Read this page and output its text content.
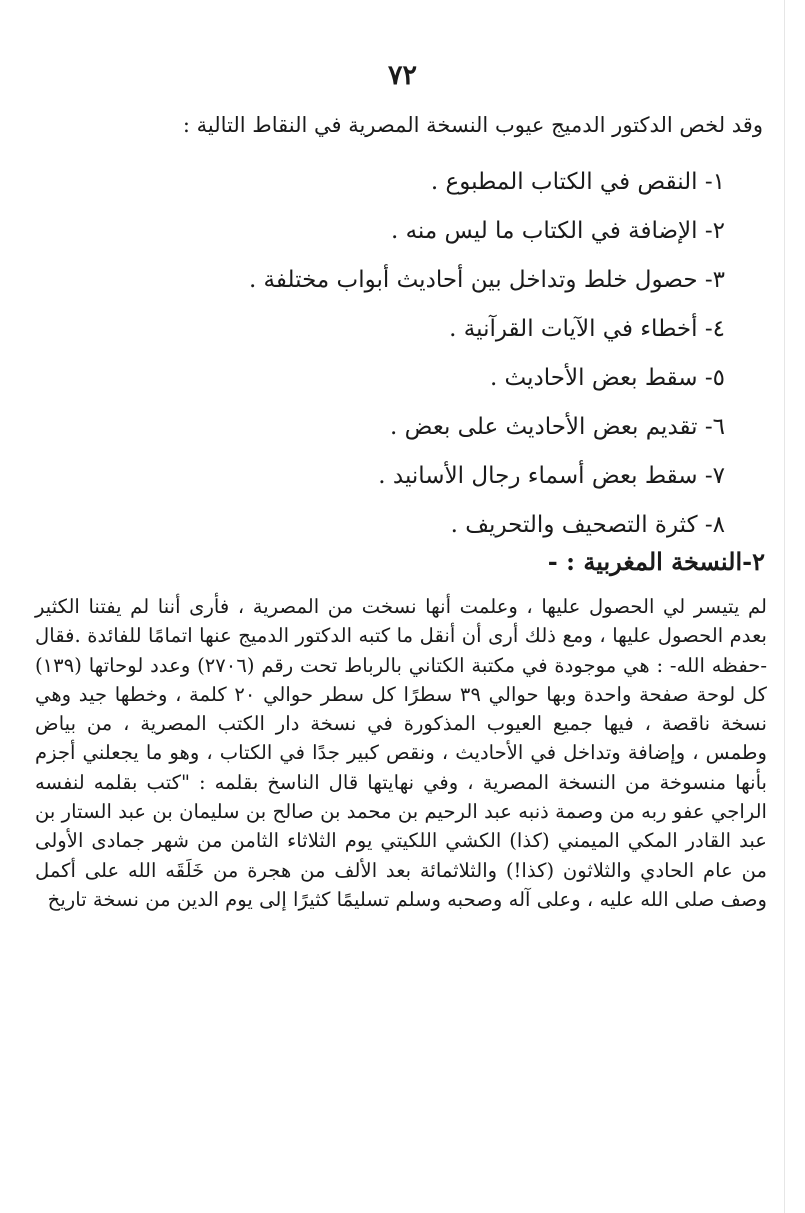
٧٢
وقد لخص الدكتور الدميج عيوب النسخة المصرية في النقاط التالية :
١- النقص في الكتاب المطبوع .
٢- الإضافة في الكتاب ما ليس منه .
٣- حصول خلط وتداخل بين أحاديث أبواب مختلفة .
٤- أخطاء في الآيات القرآنية .
٥- سقط بعض الأحاديث .
٦- تقديم بعض الأحاديث على بعض .
٧- سقط بعض أسماء رجال الأسانيد .
٨- كثرة التصحيف والتحريف .
٢-النسخة المغربية : -

لم يتيسر لي الحصول عليها ، وعلمت أنها نسخت من المصرية ، فأرى أننا لم يفتنا الكثير بعدم الحصول عليها ، ومع ذلك أرى أن أنقل ما كتبه الدكتور الدميج عنها اتمامًا للفائدة .فقال -حفظه الله- : هي موجودة في مكتبة الكتاني بالرباط تحت رقم (٢٧٠٦) وعدد لوحاتها (١٣٩) كل لوحة صفحة واحدة وبها حوالي ٣٩ سطرًا كل سطر حوالي ٢٠ كلمة ، وخطها جيد وهي نسخة ناقصة ، فيها جميع العيوب المذكورة في نسخة دار الكتب المصرية ، من بياض وطمس ، وإضافة وتداخل في الأحاديث ، ونقص كبير جدًا في الكتاب ، وهو ما يجعلني أجزم بأنها منسوخة من النسخة المصرية ، وفي نهايتها قال الناسخ بقلمه : "كتب بقلمه لنفسه الراجي عفو ربه من وصمة ذنبه عبد الرحيم بن محمد بن صالح بن سليمان بن عبد الستار بن عبد القادر المكي الميمني (كذا) الكشي اللكيتي يوم الثلاثاء الثامن من شهر جمادى الأولى من عام الحادي والثلاثون (كذا!) والثلاثمائة بعد الألف من هجرة من خَلَقَه الله على أكمل وصف صلى الله عليه ، وعلى آله وصحبه وسلم تسليمًا كثيرًا إلى يوم الدين من نسخة تاريخ
